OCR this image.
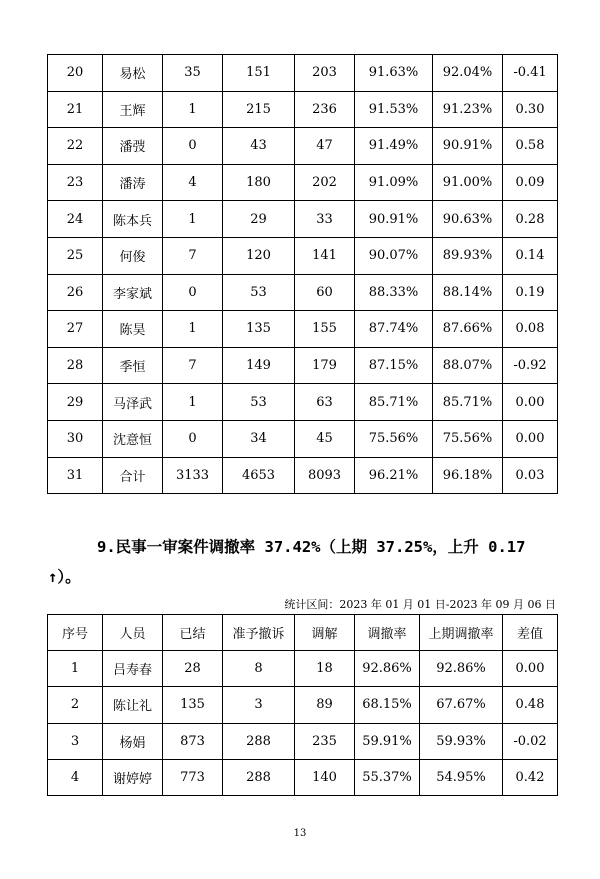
20	易松	35	151	203	91.63%	92.04%	-0.41
21	王辉	1	215	236	91.53%	91.23%	0.30
22	潘弢	0	43	47	91.49%	90.91%	0.58
23	潘涛	4	180	202	91.09%	91.00%	0.09
24	陈本兵	1	29	33	90.91%	90.63%	0.28
25	何俊	7	120	141	90.07%	89.93%	0.14
26	李家斌	0	53	60	88.33%	88.14%	0.19
27	陈昊	1	135	155	87.74%	87.66%	0.08
28	季恒	7	149	179	87.15%	88.07%	-0.92
29	马泽武	1	53	63	85.71%	85.71%	0.00
30	沈意恒	0	34	45	75.56%	75.56%	0.00
31	合计	3133	4653	8093	96.21%	96.18%	0.03

9.民事一审案件调撤率 37.42%（上期 37.25%，上升 0.17 ↑）。

统计区间：2023 年 01 月 01 日-2023 年 09 月 06 日

序号	人员	已结	准予撤诉	调解	调撤率	上期调撤率	差值
1	吕寿春	28	8	18	92.86%	92.86%	0.00
2	陈让礼	135	3	89	68.15%	67.67%	0.48
3	杨娟	873	288	235	59.91%	59.93%	-0.02
4	谢婷婷	773	288	140	55.37%	54.95%	0.42
13
